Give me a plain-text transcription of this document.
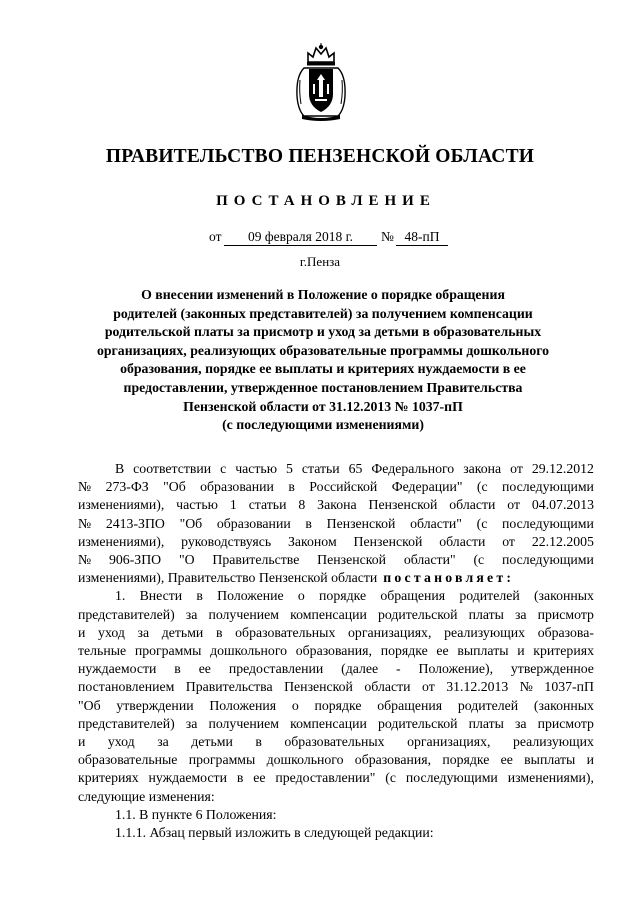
ПРАВИТЕЛЬСТВО ПЕНЗЕНСКОЙ ОБЛАСТИ
ПОСТАНОВЛЕНИЕ
от	09 февраля 2018 г.	№ 48-пП
г.Пенза
О внесении изменений в Положение о порядке обращения
родителей (законных представителей) за получением компенсации
родительской платы за присмотр и уход за детьми в образовательных
организациях, реализующих образовательные программы дошкольного
образования, порядке ее выплаты и критериях нуждаемости в ее
предоставлении, утвержденное постановлением Правительства
Пензенской области от 31.12.2013 № 1037-пП
(с последующими изменениями)
В соответствии с частью 5 статьи 65 Федерального закона от 29.12.2012
№ 273-ФЗ "Об образовании в Российской Федерации" (с последующими
изменениями), частью 1 статьи 8 Закона Пензенской области от 04.07.2013
№ 2413-ЗПО "Об образовании в Пензенской области" (с последующими
изменениями), руководствуясь Законом Пензенской области от 22.12.2005
№ 906-ЗПО "О Правительстве Пензенской области" (с последующими
изменениями), Правительство Пензенской области постановляет:
1. Внести в Положение о порядке обращения родителей (законных
представителей) за получением компенсации родительской платы за присмотр
и уход за детьми в образовательных организациях, реализующих образова-
тельные программы дошкольного образования, порядке ее выплаты и критериях
нуждаемости в ее предоставлении (далее - Положение), утвержденное
постановлением Правительства Пензенской области от 31.12.2013 № 1037-пП
"Об утверждении Положения о порядке обращения родителей (законных
представителей) за получением компенсации родительской платы за присмотр
и уход за детьми в образовательных организациях, реализующих
образовательные программы дошкольного образования, порядке ее выплаты и
критериях нуждаемости в ее предоставлении" (с последующими изменениями),
следующие изменения:
1.1. В пункте 6 Положения:
1.1.1. Абзац первый изложить в следующей редакции:
